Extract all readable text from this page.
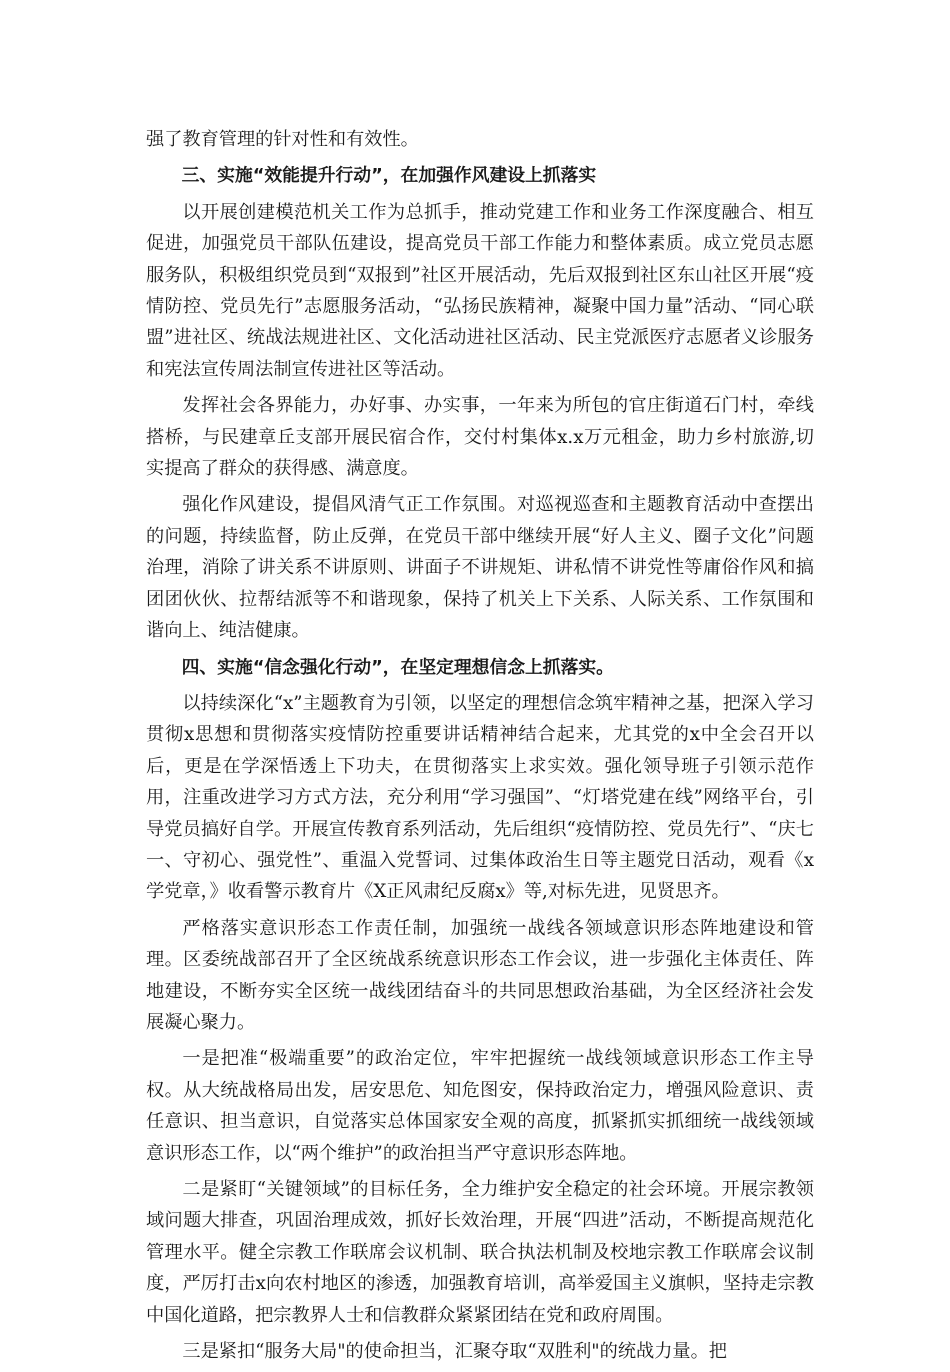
强了教育管理的针对性和有效性。

三、实施“效能提升行动”，在加强作风建设上抓落实

以开展创建模范机关工作为总抓手，推动党建工作和业务工作深度融合、相互促进，加强党员干部队伍建设，提高党员干部工作能力和整体素质。成立党员志愿服务队，积极组织党员到“双报到”社区开展活动，先后双报到社区东山社区开展“疫情防控、党员先行”志愿服务活动，“弘扬民族精神，凝聚中国力量”活动、“同心联盟”进社区、统战法规进社区、文化活动进社区活动、民主党派医疗志愿者义诊服务和宪法宣传周法制宣传进社区等活动。

发挥社会各界能力，办好事、办实事，一年来为所包的官庄街道石门村，牵线搭桥，与民建章丘支部开展民宿合作，交付村集体x.x万元租金，助力乡村旅游,切实提高了群众的获得感、满意度。

强化作风建设，提倡风清气正工作氛围。对巡视巡查和主题教育活动中查摆出的问题，持续监督，防止反弹，在党员干部中继续开展“好人主义、圈子文化”问题治理，消除了讲关系不讲原则、讲面子不讲规矩、讲私情不讲党性等庸俗作风和搞团团伙伙、拉帮结派等不和谐现象，保持了机关上下关系、人际关系、工作氛围和谐向上、纯洁健康。

四、实施“信念强化行动”，在坚定理想信念上抓落实。

以持续深化“x”主题教育为引领，以坚定的理想信念筑牢精神之基，把深入学习贯彻x思想和贯彻落实疫情防控重要讲话精神结合起来，尤其党的x中全会召开以后，更是在学深悟透上下功夫，在贯彻落实上求实效。强化领导班子引领示范作用，注重改进学习方式方法，充分利用“学习强国”、“灯塔党建在线”网络平台，引导党员搞好自学。开展宣传教育系列活动，先后组织“疫情防控、党员先行”、“庆七一、守初心、强党性”、重温入党誓词、过集体政治生日等主题党日活动，观看《x学党章，》收看警示教育片《X正风肃纪反腐x》等,对标先进，见贤思齐。

严格落实意识形态工作责任制，加强统一战线各领域意识形态阵地建设和管理。区委统战部召开了全区统战系统意识形态工作会议，进一步强化主体责任、阵地建设，不断夯实全区统一战线团结奋斗的共同思想政治基础，为全区经济社会发展凝心聚力。

一是把准“极端重要”的政治定位，牢牢把握统一战线领域意识形态工作主导权。从大统战格局出发，居安思危、知危图安，保持政治定力，增强风险意识、责任意识、担当意识，自觉落实总体国家安全观的高度，抓紧抓实抓细统一战线领域意识形态工作，以“两个维护”的政治担当严守意识形态阵地。

二是紧盯“关键领域”的目标任务，全力维护安全稳定的社会环境。开展宗教领域问题大排查，巩固治理成效，抓好长效治理，开展“四进”活动，不断提高规范化管理水平。健全宗教工作联席会议机制、联合执法机制及校地宗教工作联席会议制度，严厉打击x向农村地区的渗透，加强教育培训，高举爱国主义旗帜，坚持走宗教中国化道路，把宗教界人士和信教群众紧紧团结在党和政府周围。

三是紧扣“服务大局"的使命担当，汇聚夺取“双胜利"的统战力量。把
